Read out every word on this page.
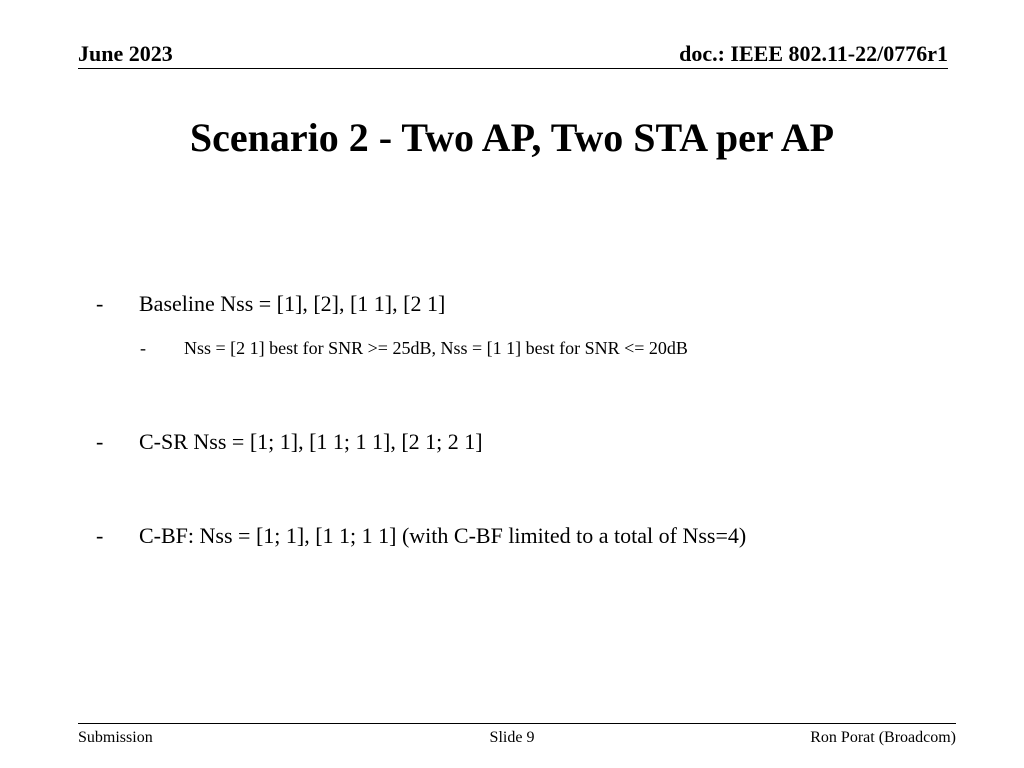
June 2023	doc.: IEEE 802.11-22/0776r1
Scenario 2 - Two AP, Two STA per AP
- Baseline Nss = [1], [2], [1 1], [2 1]
- Nss = [2 1] best for SNR >= 25dB, Nss = [1 1] best for SNR <= 20dB
- C-SR Nss = [1; 1], [1 1; 1 1], [2 1; 2 1]
- C-BF: Nss = [1; 1], [1 1; 1 1] (with C-BF limited to a total of Nss=4)
Submission	Slide 9	Ron Porat (Broadcom)
